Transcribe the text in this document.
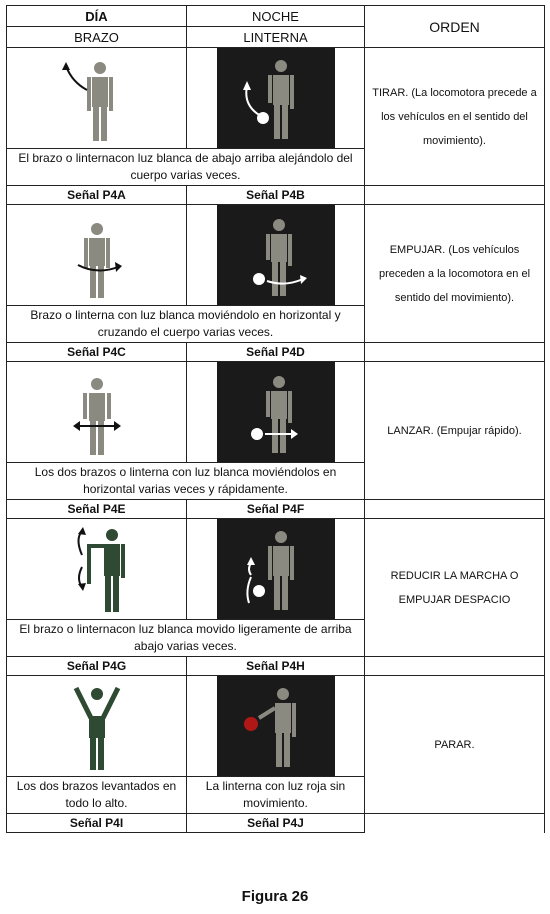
DÍA	NOCHE	ORDEN
BRAZO	LINTERNA	

	TIRAR. (La locomotora precede a los vehículos en el sentido del movimiento).
El brazo o linternacon luz blanca de abajo arriba alejándolo del cuerpo varias veces.		
Señal P4A	Señal P4B	

	EMPUJAR. (Los vehículos preceden a la locomotora en el sentido del movimiento).
Brazo o linterna con luz blanca moviéndolo en horizontal y cruzando el cuerpo varias veces.		
Señal P4C	Señal P4D	

	LANZAR. (Empujar rápido).
Los dos brazos o linterna con luz blanca moviéndolos en horizontal varias veces y rápidamente.		
Señal P4E	Señal P4F	

	REDUCIR LA MARCHA O EMPUJAR DESPACIO
El brazo o linternacon luz blanca movido ligeramente de arriba abajo varias veces.		
Señal P4G	Señal P4H	

	PARAR.
Los dos brazos levantados en todo lo alto.	La linterna con luz roja sin movimiento.	
Señal P4I	Señal P4J	
Figura 26
